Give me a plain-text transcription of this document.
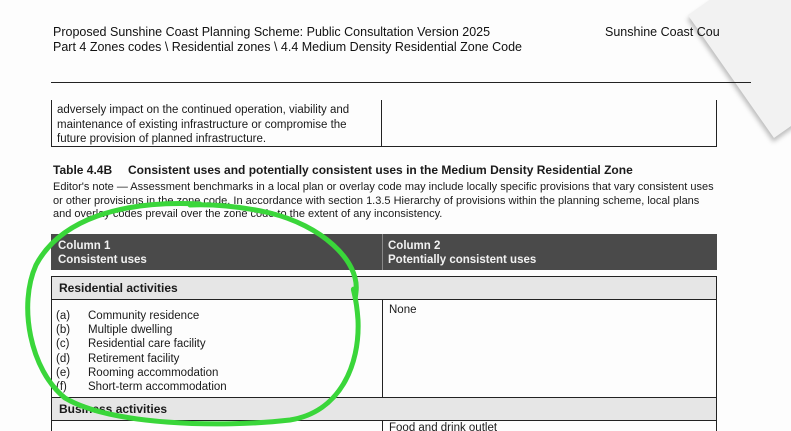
Proposed Sunshine Coast Planning Scheme: Public Consultation Version 2025
Part 4 Zones codes \ Residential zones \ 4.4 Medium Density Residential Zone Code
Sunshine Coast Cou
adversely impact on the continued operation, viability and maintenance of existing infrastructure or compromise the future provision of planned infrastructure.
Table 4.4B Consistent uses and potentially consistent uses in the Medium Density Residential Zone
Editor's note — Assessment benchmarks in a local plan or overlay code may include locally specific provisions that vary consistent uses or other provisions in the zone code. In accordance with section 1.3.5 Hierarchy of provisions within the planning scheme, local plans and overlay codes prevail over the zone code to the extent of any inconsistency.
Column 1
Consistent uses
Column 2
Potentially consistent uses
Residential activities
None
(a) Community residence
(b) Multiple dwelling
(c) Residential care facility
(d) Retirement facility
(e) Rooming accommodation
(f) Short-term accommodation
Business activities
Food and drink outlet
